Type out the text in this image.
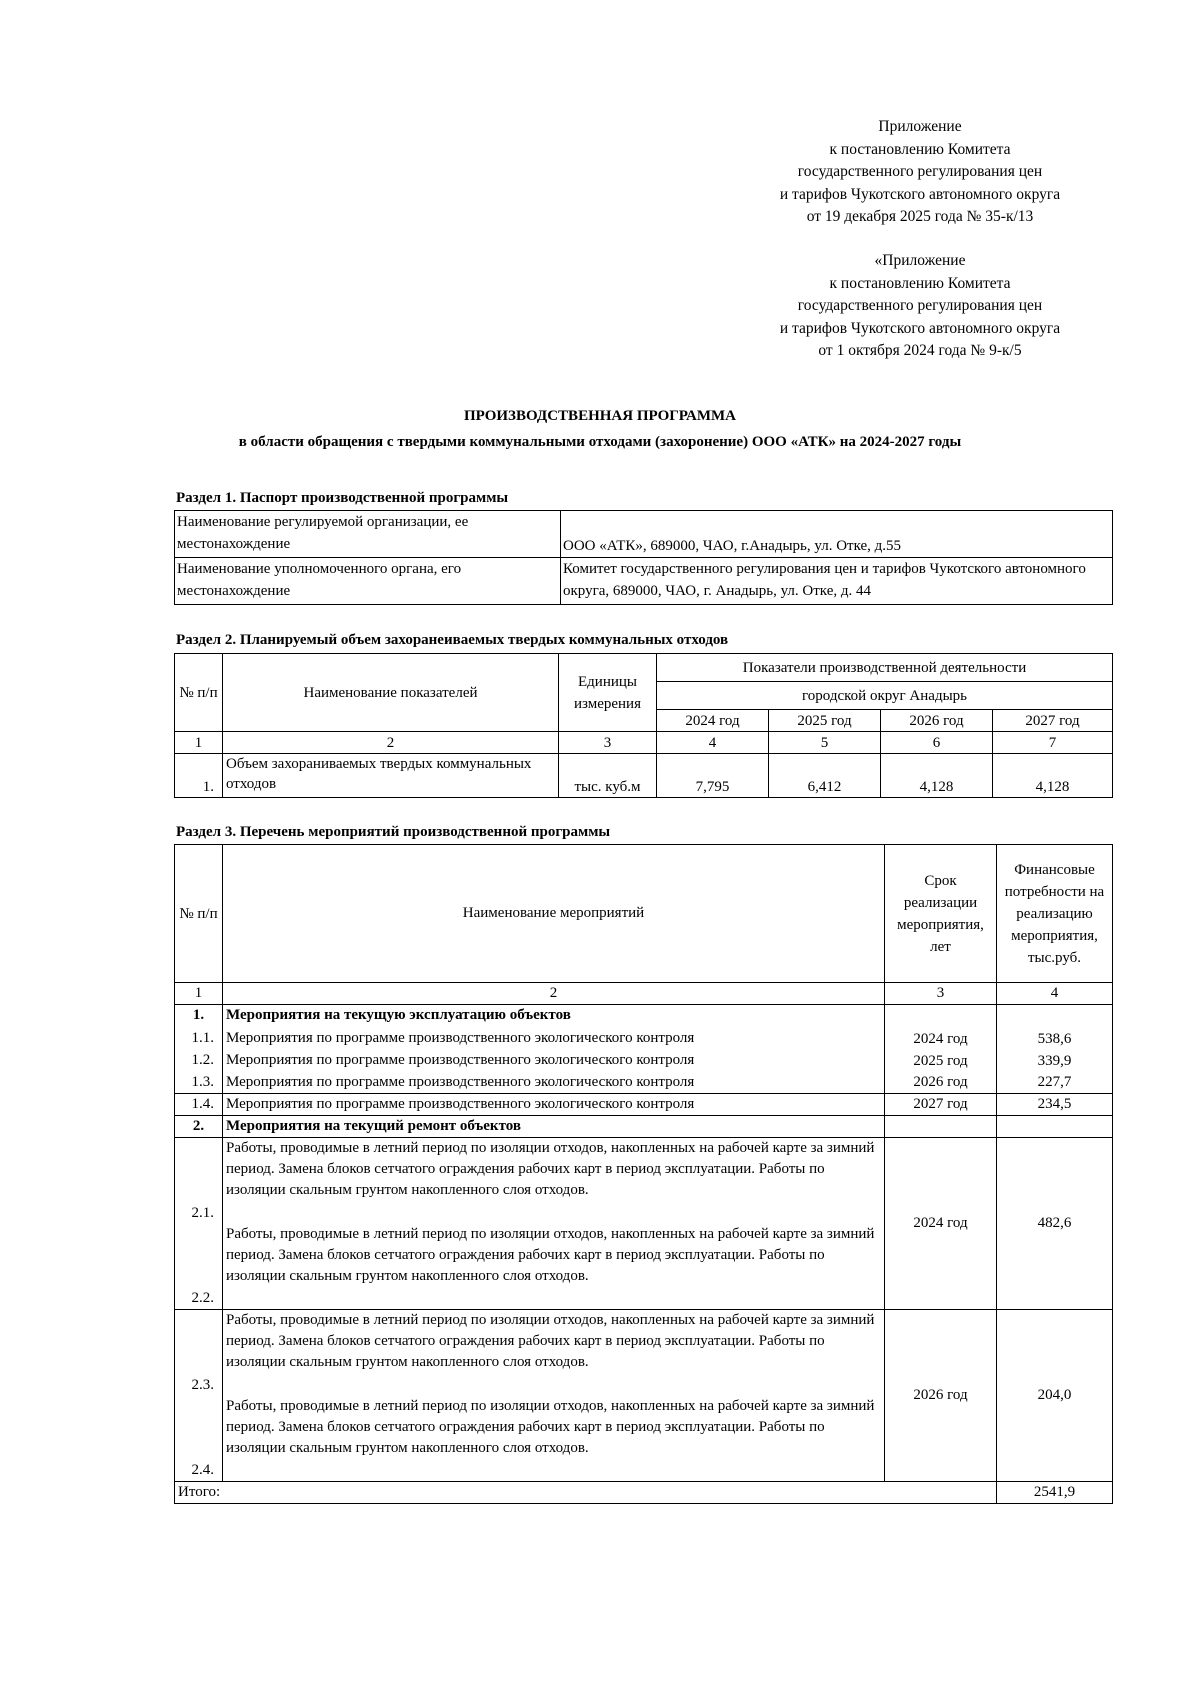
Приложение
к постановлению Комитета
государственного регулирования цен
и тарифов Чукотского автономного округа
от 19 декабря 2025 года № 35-к/13
«Приложение
к постановлению Комитета
государственного регулирования цен
и тарифов Чукотского автономного округа
от 1 октября 2024 года № 9-к/5
ПРОИЗВОДСТВЕННАЯ ПРОГРАММА
в области обращения с твердыми коммунальными отходами (захоронение) ООО «АТК» на 2024-2027 годы
Раздел 1. Паспорт производственной программы
Наименование регулируемой организации, ее местонахождение	ООО «АТК», 689000, ЧАО, г.Анадырь, ул. Отке, д.55
Наименование уполномоченного органа, его местонахождение	Комитет государственного регулирования цен и тарифов Чукотского автономного округа, 689000, ЧАО, г. Анадырь, ул. Отке, д. 44
Раздел 2. Планируемый объем захоранеиваемых твердых коммунальных отходов
№ п/п	Наименование показателей	Единицы измерения	Показатели производственной деятельности			
			городской округ Анадырь			
			2024 год	2025 год	2026 год	2027 год
1	2	3	4	5	6	7
1.	Объем захораниваемых твердых коммунальных отходов	тыс. куб.м	7,795	6,412	4,128	4,128
Раздел 3. Перечень мероприятий производственной программы
№ п/п	Наименование мероприятий	Срок реализации мероприятия, лет	Финансовые потребности на реализацию мероприятия, тыс.руб.
1	2	3	4
1.	Мероприятия на текущую эксплуатацию объектов		
1.1.	Мероприятия по программе производственного экологического контроля	2024 год	538,6
1.2.	Мероприятия по программе производственного экологического контроля	2025 год	339,9
1.3.	Мероприятия по программе производственного экологического контроля	2026 год	227,7
1.4.	Мероприятия по программе производственного экологического контроля	2027 год	234,5
2.	Мероприятия на текущий ремонт объектов		
2.1.	Работы, проводимые в летний период по изоляции отходов, накопленных на рабочей карте за зимний период. Замена блоков сетчатого ограждения рабочих карт в период эксплуатации. Работы по изоляции скальным грунтом накопленного слоя отходов.	2024 год	482,6
2.2.	Работы, проводимые в летний период по изоляции отходов, накопленных на рабочей карте за зимний период. Замена блоков сетчатого ограждения рабочих карт в период эксплуатации. Работы по изоляции скальным грунтом накопленного слоя отходов.		
2.3.	Работы, проводимые в летний период по изоляции отходов, накопленных на рабочей карте за зимний период. Замена блоков сетчатого ограждения рабочих карт в период эксплуатации. Работы по изоляции скальным грунтом накопленного слоя отходов.	2026 год	204,0
2.4.	Работы, проводимые в летний период по изоляции отходов, накопленных на рабочей карте за зимний период. Замена блоков сетчатого ограждения рабочих карт в период эксплуатации. Работы по изоляции скальным грунтом накопленного слоя отходов.		
Итого:			2541,9
